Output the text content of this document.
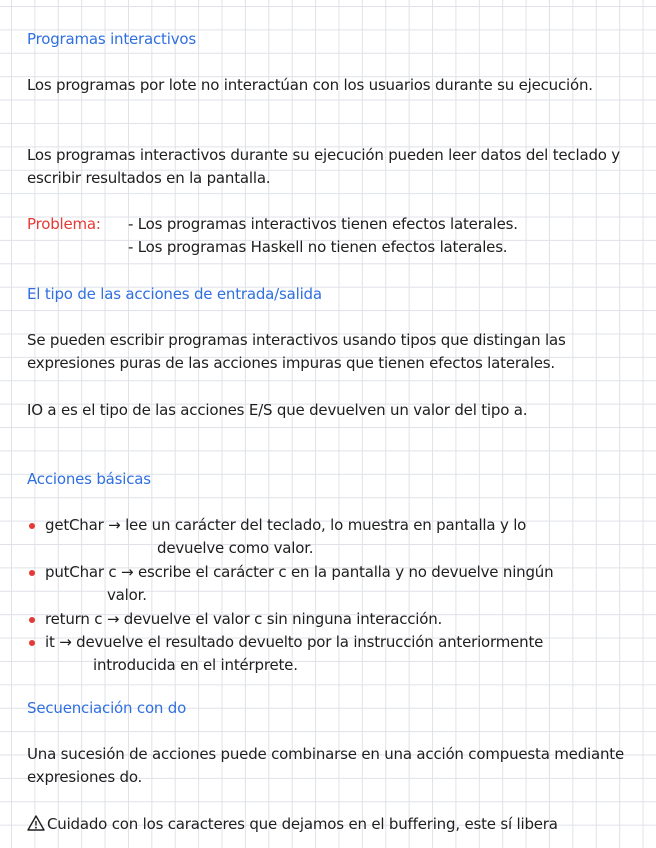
Programas interactivos
Los programas por lote no interactúan con los usuarios durante su ejecución.
Los programas interactivos durante su ejecución pueden leer datos del teclado y escribir resultados en la pantalla.
Problema: - Los programas interactivos tienen efectos laterales.
- Los programas Haskell no tienen efectos laterales.
El tipo de las acciones de entrada/salida
Se pueden escribir programas interactivos usando tipos que distingan las expresiones puras de las acciones impuras que tienen efectos laterales.
IO a es el tipo de las acciones E/S que devuelven un valor del tipo a.
Acciones básicas
getChar → lee un carácter del teclado, lo muestra en pantalla y lo
devuelve como valor.
putChar c → escribe el carácter c en la pantalla y no devuelve ningún
valor.
return c → devuelve el valor c sin ninguna interacción.
it → devuelve el resultado devuelto por la instrucción anteriormente
introducida en el intérprete.
Secuenciación con do
Una sucesión de acciones puede combinarse en una acción compuesta mediante expresiones do.
Cuidado con los caracteres que dejamos en el buffering, este sí libera
